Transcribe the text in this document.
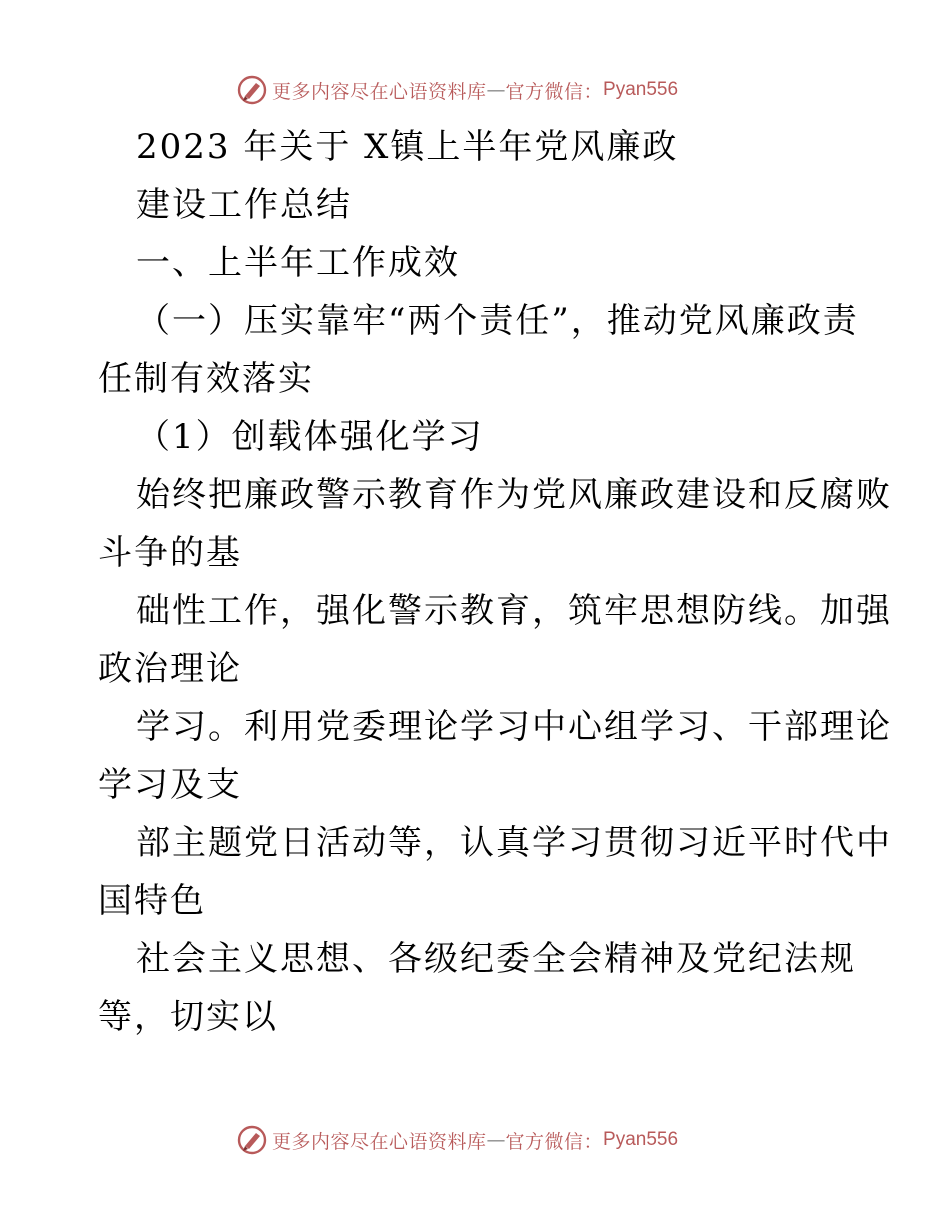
更多内容尽在心语资料库 — 官方微信： Pyan556
2023 年关于 X镇上半年党风廉政
建设工作总结
一、上半年工作成效
（一）压实靠牢“两个责任”，推动党风廉政责
任制有效落实
（1）创载体强化学习
始终把廉政警示教育作为党风廉政建设和反腐败
斗争的基
础性工作，强化警示教育，筑牢思想防线。加强
政治理论
学习。利用党委理论学习中心组学习、干部理论
学习及支
部主题党日活动等，认真学习贯彻习近平时代中
国特色
社会主义思想、各级纪委全会精神及党纪法规
等，切实以
更多内容尽在心语资料库 — 官方微信： Pyan556
